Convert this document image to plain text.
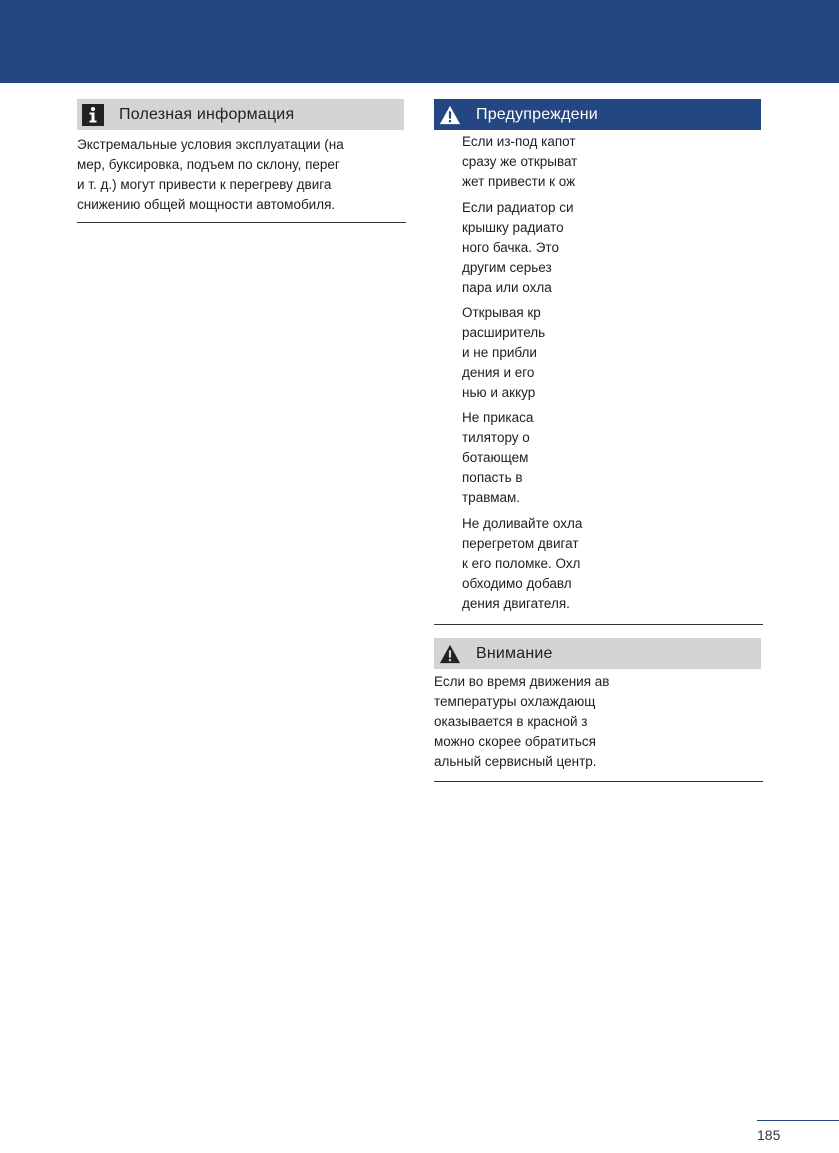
Полезная информация
Экстремальные условия эксплуатации (на
мер, буксировка, подъем по склону, перег
и т. д.) могут привести к перегреву двига
снижению общей мощности автомобиля.
Предупреждени
Если из-под капот
сразу же открыват
жет привести к ож
Если радиатор си
крышку радиато
ного бачка. Это
другим серьез
пара или охла
Открывая кр
расширитель
и не прибли
дения и его
нью и аккур
Не прикаса
тилятору о
ботающем
попасть в
травмам.
Не доливайте охла
перегретом двигат
к его поломке. Охл
обходимо добавл
дения двигателя.
Внимание
Если во время движения ав
температуры охлаждающ
оказывается в красной з
можно скорее обратиться
альный сервисный центр.
185
